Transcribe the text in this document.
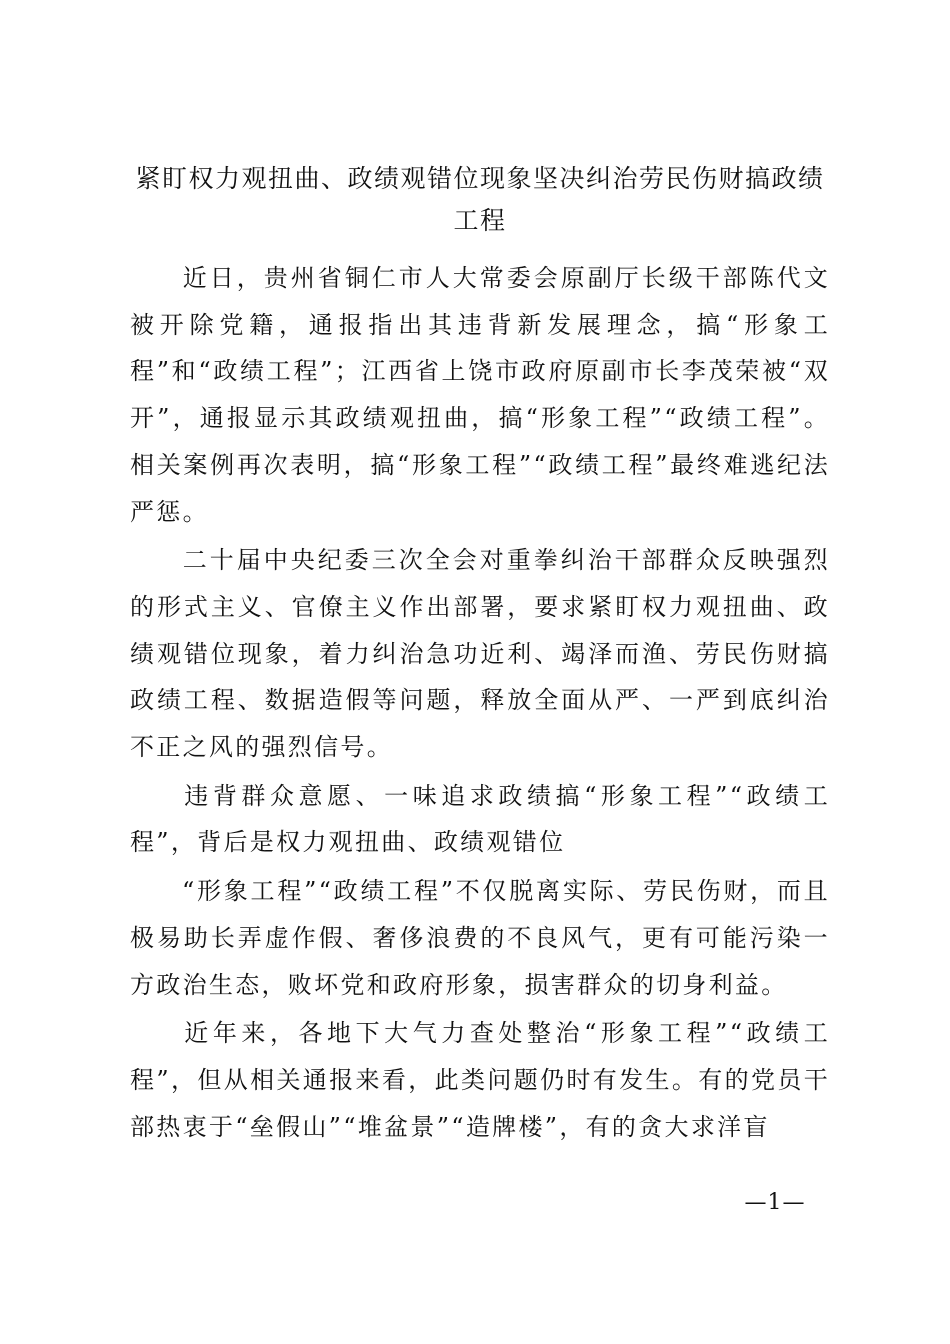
紧盯权力观扭曲、政绩观错位现象坚决纠治劳民伤财搞政绩工程

近日，贵州省铜仁市人大常委会原副厅长级干部陈代文被开除党籍，通报指出其违背新发展理念，搞“形象工程”和“政绩工程”；江西省上饶市政府原副市长李茂荣被“双开”，通报显示其政绩观扭曲，搞“形象工程”“政绩工程”。相关案例再次表明，搞“形象工程”“政绩工程”最终难逃纪法严惩。

二十届中央纪委三次全会对重拳纠治干部群众反映强烈的形式主义、官僚主义作出部署，要求紧盯权力观扭曲、政绩观错位现象，着力纠治急功近利、竭泽而渔、劳民伤财搞政绩工程、数据造假等问题，释放全面从严、一严到底纠治不正之风的强烈信号。

违背群众意愿、一味追求政绩搞“形象工程”“政绩工程”，背后是权力观扭曲、政绩观错位

“形象工程”“政绩工程”不仅脱离实际、劳民伤财，而且极易助长弄虚作假、奢侈浪费的不良风气，更有可能污染一方政治生态，败坏党和政府形象，损害群众的切身利益。

近年来，各地下大气力查处整治“形象工程”“政绩工程”，但从相关通报来看，此类问题仍时有发生。有的党员干部热衷于“垒假山”“堆盆景”“造牌楼”，有的贪大求洋盲

—1—
